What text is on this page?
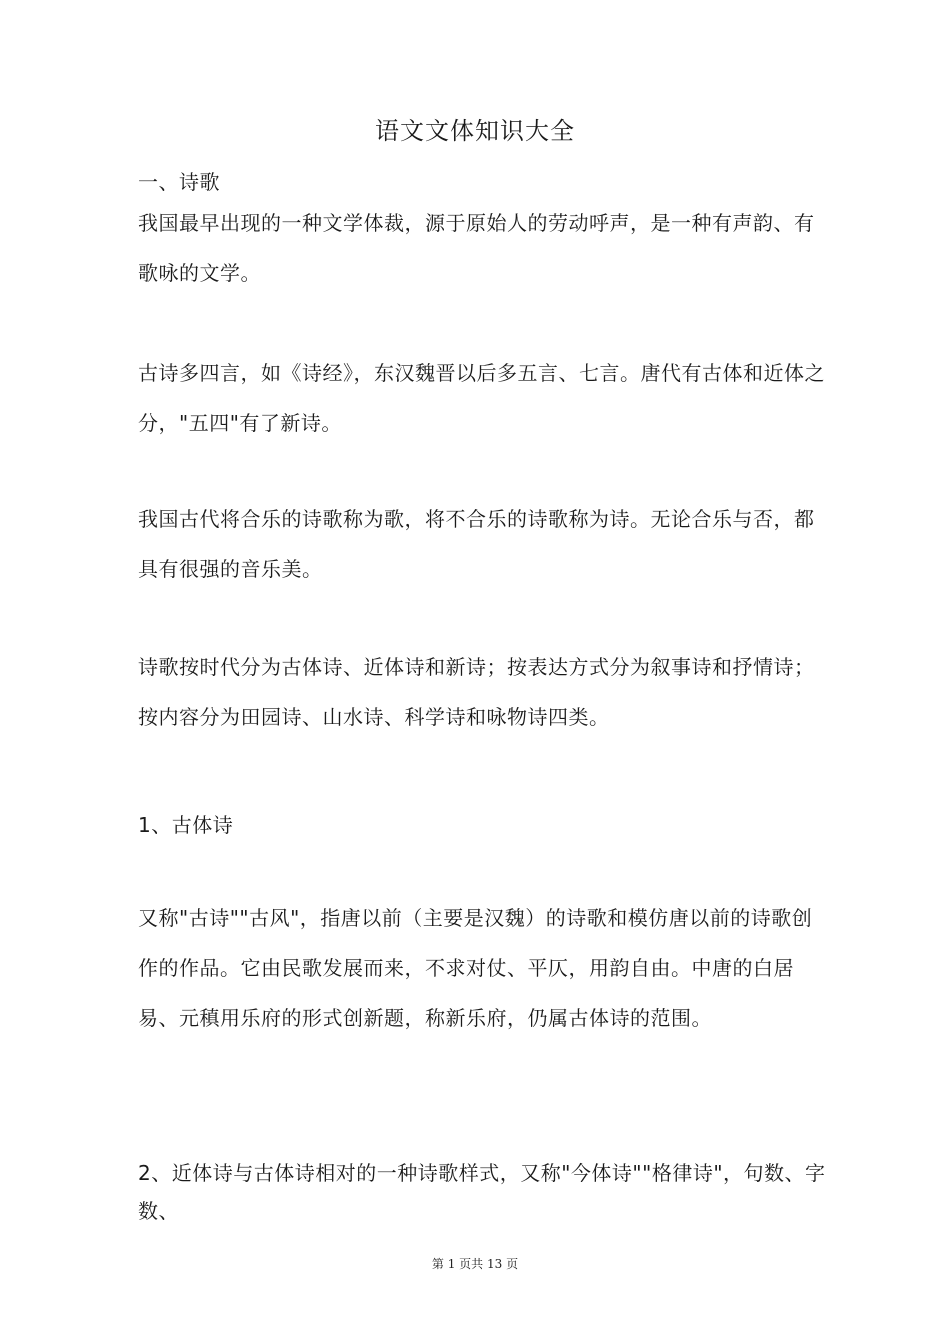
语文文体知识大全

一、诗歌

我国最早出现的一种文学体裁，源于原始人的劳动呼声，是一种有声韵、有歌咏的文学。

古诗多四言，如《诗经》，东汉魏晋以后多五言、七言。唐代有古体和近体之分，"五四"有了新诗。

我国古代将合乐的诗歌称为歌，将不合乐的诗歌称为诗。无论合乐与否，都具有很强的音乐美。

诗歌按时代分为古体诗、近体诗和新诗；按表达方式分为叙事诗和抒情诗；按内容分为田园诗、山水诗、科学诗和咏物诗四类。

1、古体诗

又称"古诗""古风"，指唐以前（主要是汉魏）的诗歌和模仿唐以前的诗歌创作的作品。它由民歌发展而来，不求对仗、平仄，用韵自由。中唐的白居易、元稹用乐府的形式创新题，称新乐府，仍属古体诗的范围。

2、近体诗与古体诗相对的一种诗歌样式，又称"今体诗""格律诗"，句数、字数、

第 1 页共 13 页
